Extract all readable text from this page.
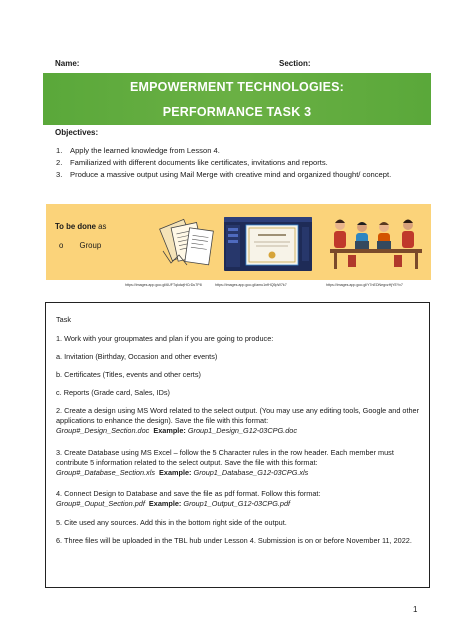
Name:	Section:
EMPOWERMENT TECHNOLOGIES:
PERFORMANCE TASK 3
Objectives:
1.	Apply the learned knowledge from Lesson 4.
2.	Familiarized with different documents like certificates, invitations and reports.
3.	Produce a massive output using Mail Merge with creative mind and organized thought/ concept.
To be done as
o Group
https://images.app.goo.gl/6UFTqkdwjHCrDu7P8	https://images.app.goo.gl/amu1nfHQ5pW7k7	https://images.app.goo.gl/Y7nEDNegvzHjYEYv7
Task
1. Work with your groupmates and plan if you are going to produce:
a. Invitation (Birthday, Occasion and other events)
b. Certificates (Titles, events and other certs)
c. Reports (Grade card, Sales, IDs)
2. Create a design using MS Word related to the select output. (You may use any editing tools, Google and other applications to enhance the design). Save the file with this format:
Group#_Design_Section.doc Example: Group1_Design_G12-03CPG.doc
3. Create Database using MS Excel – follow the 5 Character rules in the row header. Each member must contribute 5 information related to the select output. Save the file with this format:
Group#_Database_Section.xls Example: Group1_Database_G12-03CPG.xls
4. Connect Design to Database and save the file as pdf format. Follow this format:
Group#_Ouput_Section.pdf Example: Group1_Output_G12-03CPG.pdf
5. Cite used any sources. Add this in the bottom right side of the output.
6. Three files will be uploaded in the TBL hub under Lesson 4. Submission is on or before November 11, 2022.
1
